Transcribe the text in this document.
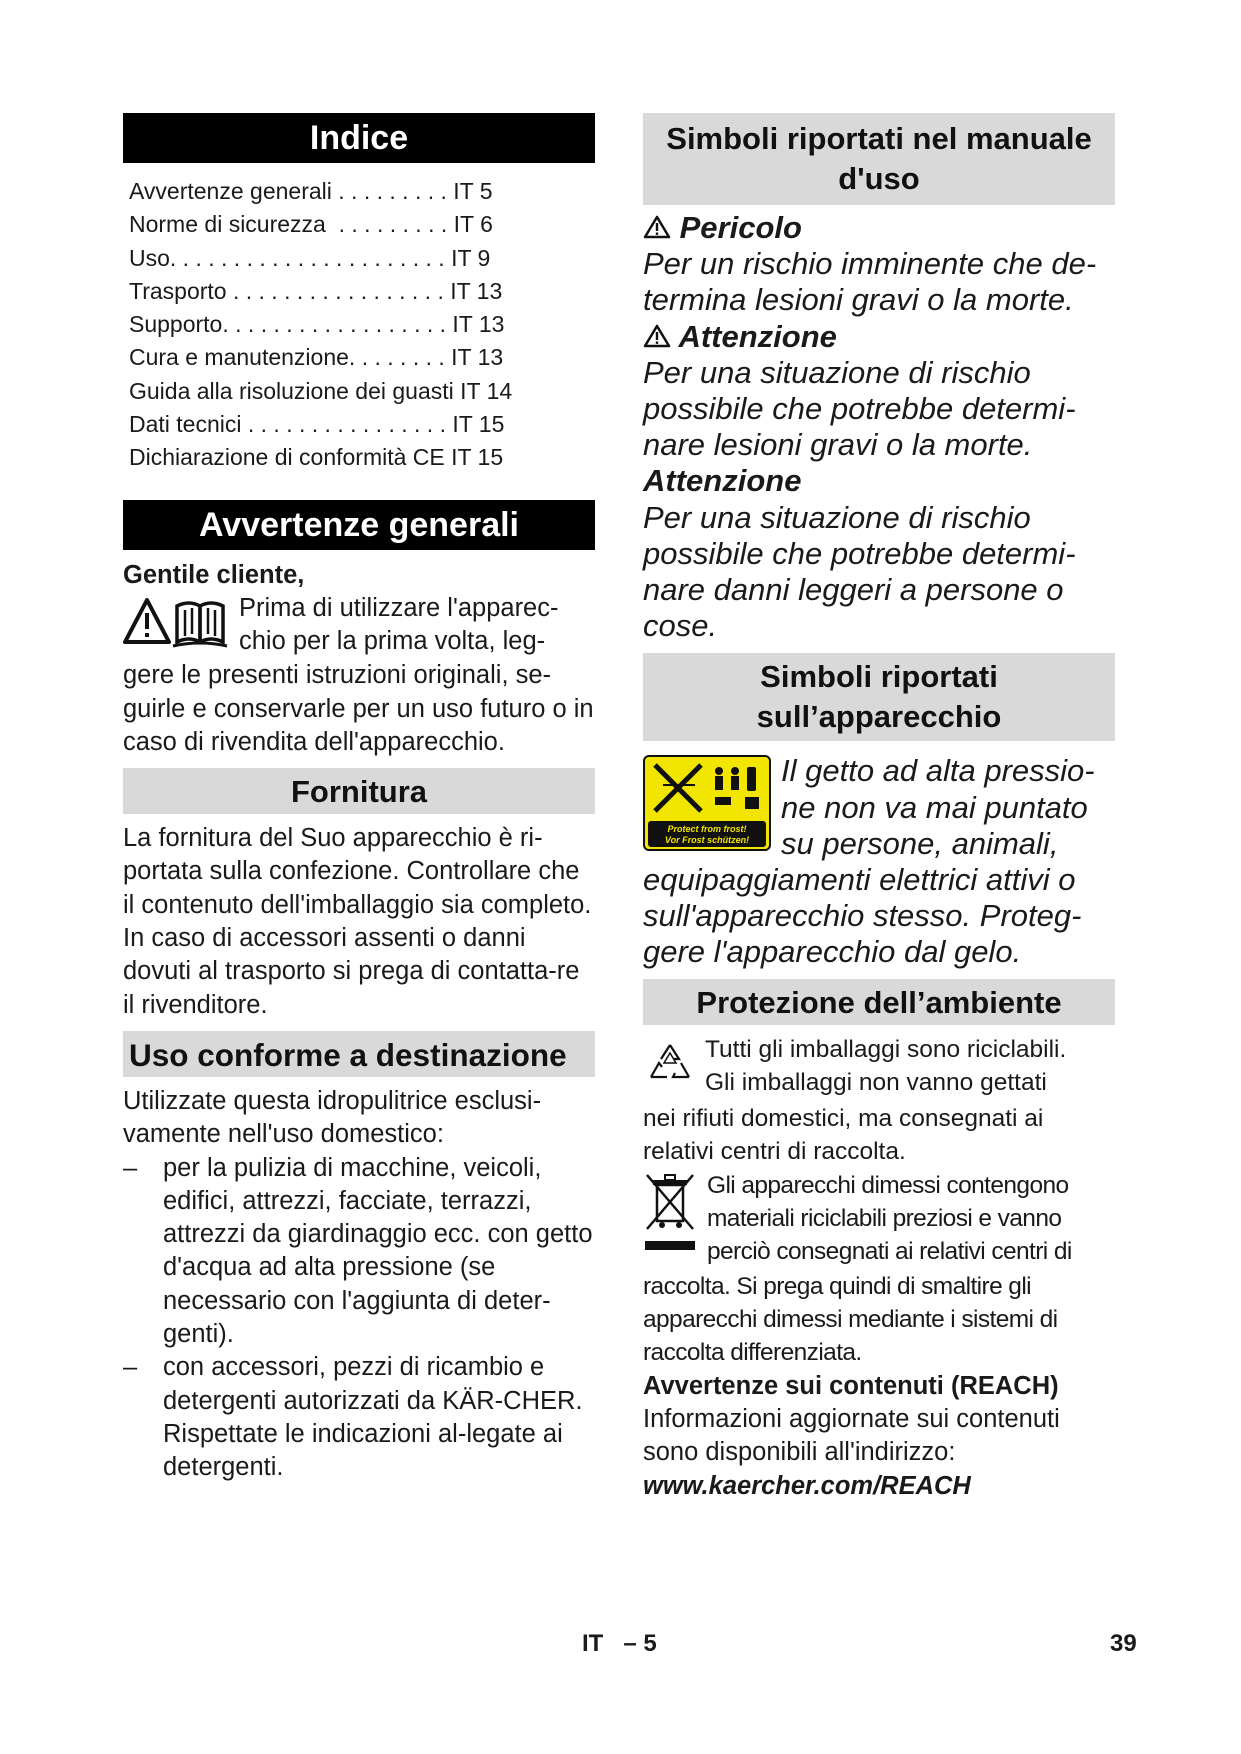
Indice
Avvertenze generali . . . . . . . . . IT 5
Norme di sicurezza  . . . . . . . . . IT 6
Uso. . . . . . . . . . . . . . . . . . . . . . IT 9
Trasporto . . . . . . . . . . . . . . . . . IT 13
Supporto. . . . . . . . . . . . . . . . . . IT 13
Cura e manutenzione. . . . . . . . IT 13
Guida alla risoluzione dei guasti IT 14
Dati tecnici . . . . . . . . . . . . . . . . IT 15
Dichiarazione di conformità CE IT 15
Avvertenze generali
Gentile cliente,
Prima di utilizzare l'apparec-
chio per la prima volta, leg-
gere le presenti istruzioni originali, se-guirle e conservarle per un uso futuro o in caso di rivendita dell'apparecchio.
Fornitura
La fornitura del Suo apparecchio è ri-portata sulla confezione. Controllare che il contenuto dell'imballaggio sia completo.
In caso di accessori assenti o danni dovuti al trasporto si prega di contatta-re il rivenditore.
Uso conforme a destinazione
Utilizzate questa idropulitrice esclusi-vamente nell'uso domestico:
– per la pulizia di macchine, veicoli, edifici, attrezzi, facciate, terrazzi, attrezzi da giardinaggio ecc. con getto d'acqua ad alta pressione (se necessario con l'aggiunta di deter-genti).
– con accessori, pezzi di ricambio e detergenti autorizzati da KÄR-CHER. Rispettate le indicazioni al-legate ai detergenti.
Simboli riportati nel manuale d'uso
Pericolo
Per un rischio imminente che de-termina lesioni gravi o la morte.
Attenzione
Per una situazione di rischio possibile che potrebbe determi-nare lesioni gravi o la morte.
Attenzione
Per una situazione di rischio possibile che potrebbe determi-nare danni leggeri a persone o cose.
Simboli riportati sull’apparecchio
Protect from frost!
Vor Frost schützen!
Il getto ad alta pressio-
ne non va mai puntato
su persone, animali,
equipaggiamenti elettrici attivi o sull'apparecchio stesso. Proteg-gere l'apparecchio dal gelo.
Protezione dell’ambiente
Tutti gli imballaggi sono riciclabili.
Gli imballaggi non vanno gettati
nei rifiuti domestici, ma consegnati ai relativi centri di raccolta.
Gli apparecchi dimessi contengono
materiali riciclabili preziosi e vanno
perciò consegnati ai relativi centri di
raccolta. Si prega quindi di smaltire gli apparecchi dimessi mediante i sistemi di raccolta differenziata.
Avvertenze sui contenuti (REACH)
Informazioni aggiornate sui contenuti sono disponibili all'indirizzo:
www.kaercher.com/REACH
IT – 5	39
